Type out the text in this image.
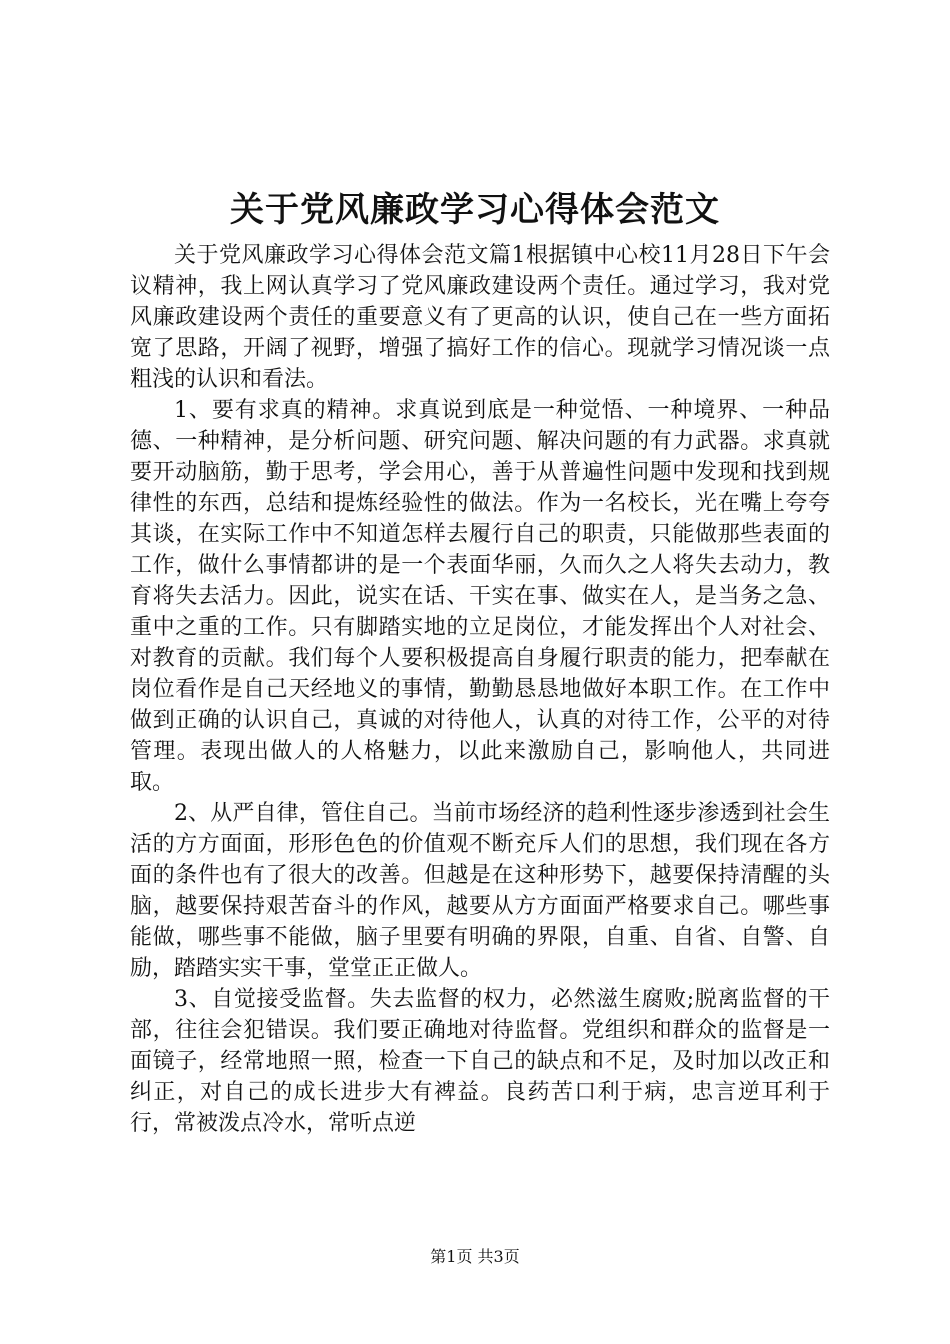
关于党风廉政学习心得体会范文

关于党风廉政学习心得体会范文篇1根据镇中心校11月28日下午会议精神，我上网认真学习了党风廉政建设两个责任。通过学习，我对党风廉政建设两个责任的重要意义有了更高的认识，使自己在一些方面拓宽了思路，开阔了视野，增强了搞好工作的信心。现就学习情况谈一点粗浅的认识和看法。

1、要有求真的精神。求真说到底是一种觉悟、一种境界、一种品德、一种精神，是分析问题、研究问题、解决问题的有力武器。求真就要开动脑筋，勤于思考，学会用心，善于从普遍性问题中发现和找到规律性的东西，总结和提炼经验性的做法。作为一名校长，光在嘴上夸夸其谈，在实际工作中不知道怎样去履行自己的职责，只能做那些表面的工作，做什么事情都讲的是一个表面华丽，久而久之人将失去动力，教育将失去活力。因此，说实在话、干实在事、做实在人，是当务之急、重中之重的工作。只有脚踏实地的立足岗位，才能发挥出个人对社会、对教育的贡献。我们每个人要积极提高自身履行职责的能力，把奉献在岗位看作是自己天经地义的事情，勤勤恳恳地做好本职工作。在工作中做到正确的认识自己，真诚的对待他人，认真的对待工作，公平的对待管理。表现出做人的人格魅力，以此来激励自己，影响他人，共同进取。

2、从严自律，管住自己。当前市场经济的趋利性逐步渗透到社会生活的方方面面，形形色色的价值观不断充斥人们的思想，我们现在各方面的条件也有了很大的改善。但越是在这种形势下，越要保持清醒的头脑，越要保持艰苦奋斗的作风，越要从方方面面严格要求自己。哪些事能做，哪些事不能做，脑子里要有明确的界限，自重、自省、自警、自励，踏踏实实干事，堂堂正正做人。

3、自觉接受监督。失去监督的权力，必然滋生腐败;脱离监督的干部，往往会犯错误。我们要正确地对待监督。党组织和群众的监督是一面镜子，经常地照一照，检查一下自己的缺点和不足，及时加以改正和纠正，对自己的成长进步大有裨益。良药苦口利于病，忠言逆耳利于行，常被泼点冷水，常听点逆

第1页 共3页
